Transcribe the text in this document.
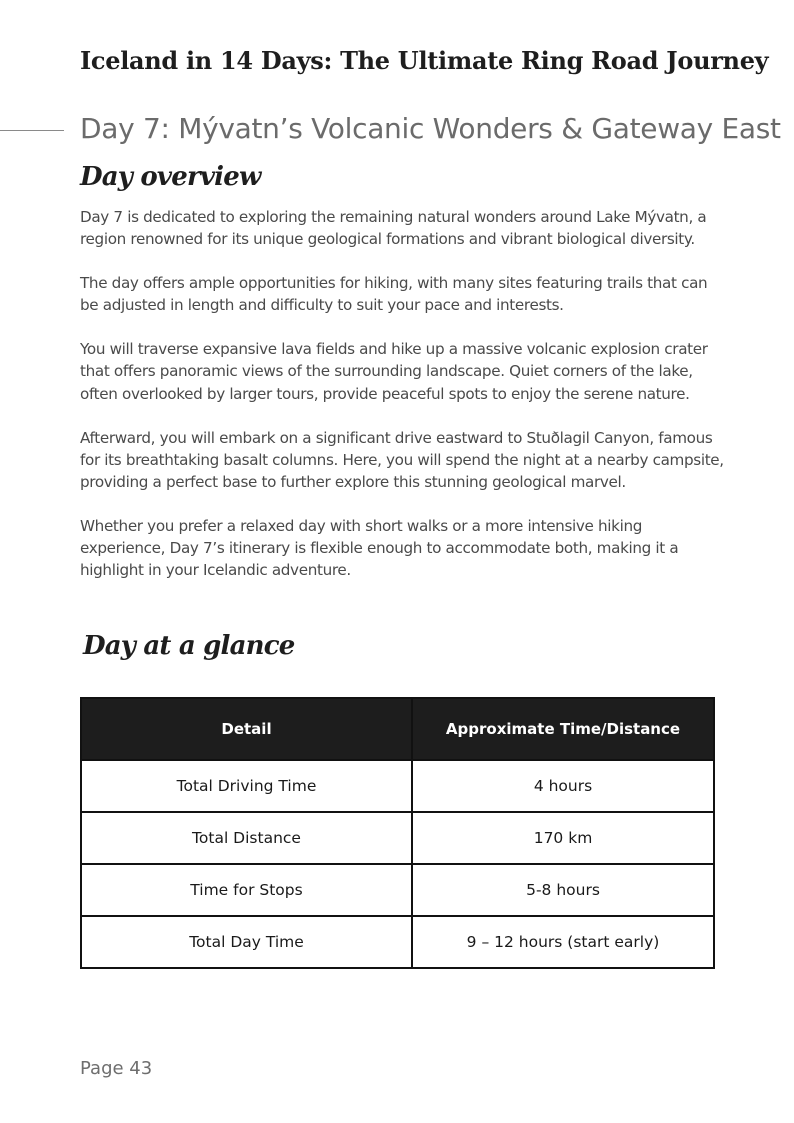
Iceland in 14 Days: The Ultimate Ring Road Journey
Day 7: Mývatn’s Volcanic Wonders & Gateway East
Day overview

Day 7 is dedicated to exploring the remaining natural wonders around Lake Mývatn, a region renowned for its unique geological formations and vibrant biological diversity.

The day offers ample opportunities for hiking, with many sites featuring trails that can be adjusted in length and difficulty to suit your pace and interests.

You will traverse expansive lava fields and hike up a massive volcanic explosion crater that offers panoramic views of the surrounding landscape. Quiet corners of the lake, often overlooked by larger tours, provide peaceful spots to enjoy the serene nature.

Afterward, you will embark on a significant drive eastward to Stuðlagil Canyon, famous for its breathtaking basalt columns. Here, you will spend the night at a nearby campsite, providing a perfect base to further explore this stunning geological marvel.

Whether you prefer a relaxed day with short walks or a more intensive hiking experience, Day 7’s itinerary is flexible enough to accommodate both, making it a highlight in your Icelandic adventure.

Day at a glance
Detail	Approximate Time/Distance
Total Driving Time	4 hours
Total Distance	170 km
Time for Stops	5-8 hours
Total Day Time	9 – 12 hours (start early)
Page 43
